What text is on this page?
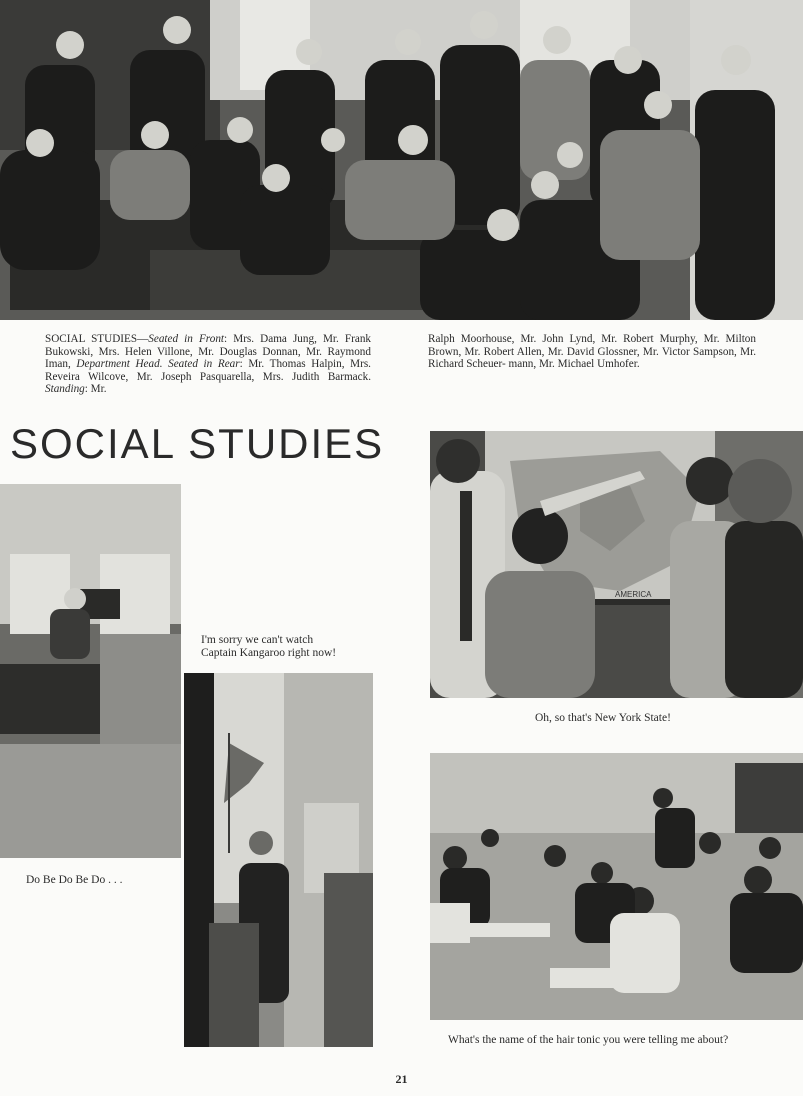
SOCIAL STUDIES—Seated in Front: Mrs. Dama Jung, Mr. Frank Bukowski, Mrs. Helen Villone, Mr. Douglas Donnan, Mr. Raymond Iman, Department Head. Seated in Rear: Mr. Thomas Halpin, Mrs. Reveira Wilcove, Mr. Joseph Pasquarella, Mrs. Judith Barmack. Standing: Mr.
Ralph Moorhouse, Mr. John Lynd, Mr. Robert Murphy, Mr. Milton Brown, Mr. Robert Allen, Mr. David Glossner, Mr. Victor Sampson, Mr. Richard Scheuer- mann, Mr. Michael Umhofer.
SOCIAL STUDIES
AMERICA
Oh, so that's New York State!
Do Be Do Be Do . . .
I'm sorry we can't watch
Captain Kangaroo right now!
What's the name of the hair tonic you were telling me about?
21
